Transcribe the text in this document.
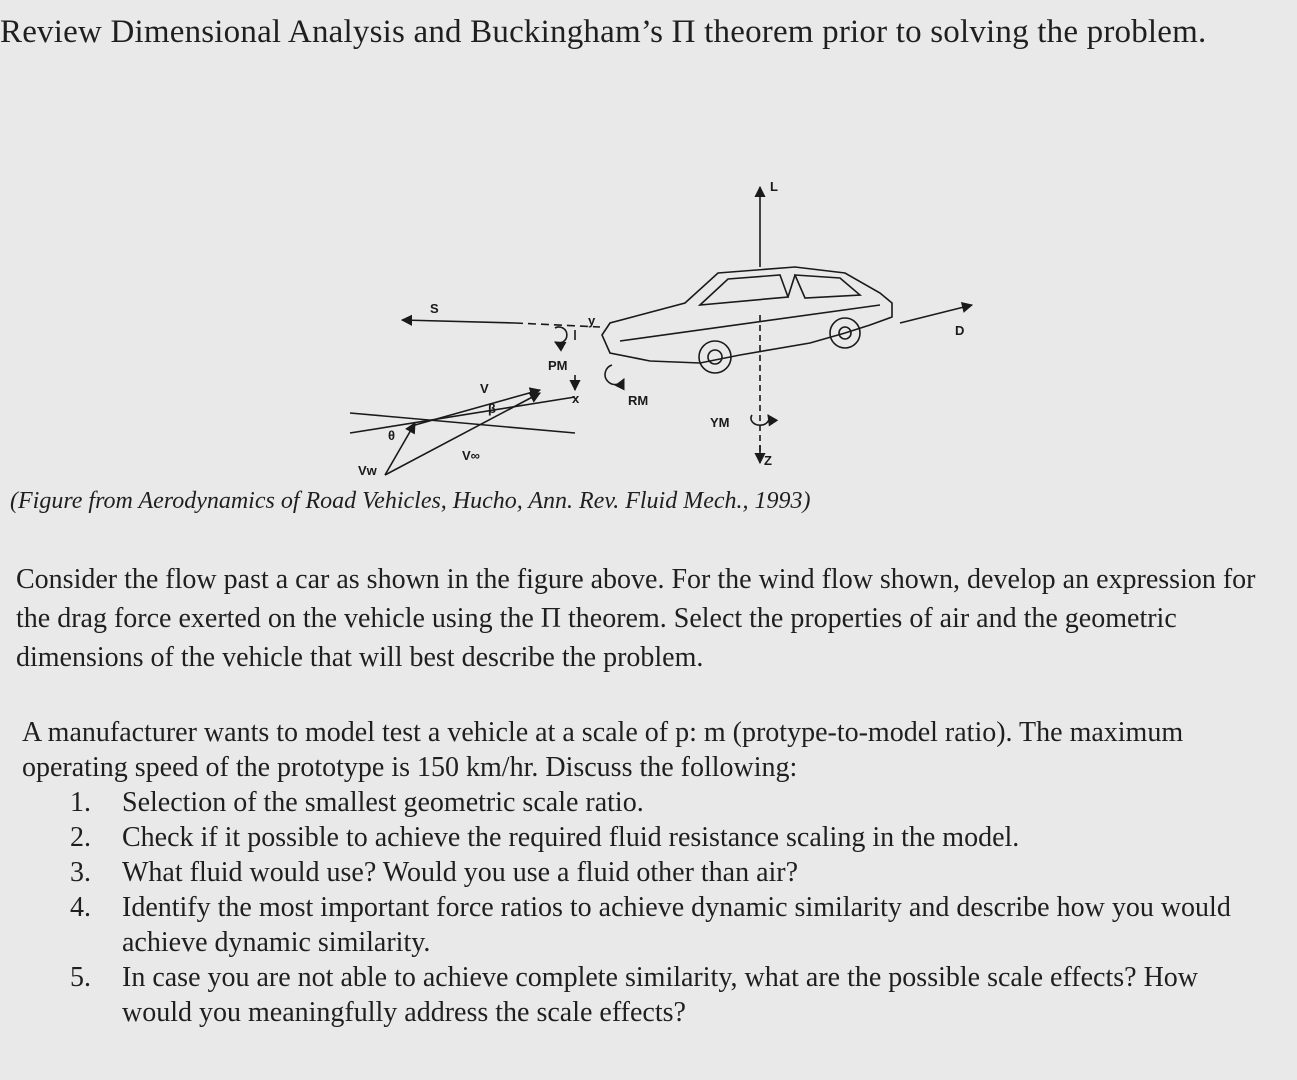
Review Dimensional Analysis and Buckingham’s Π theorem prior to solving the problem.
L
S
y
PM
V
β
x	RM
D
YM
θ
V∞
Vw
Z
(Figure from Aerodynamics of Road Vehicles, Hucho, Ann. Rev. Fluid Mech., 1993)
Consider the flow past a car as shown in the figure above. For the wind flow shown, develop an expression for the drag force exerted on the vehicle using the Π theorem. Select the properties of air and the geometric dimensions of the vehicle that will best describe the problem.
A manufacturer wants to model test a vehicle at a scale of p: m (protype-to-model ratio). The maximum operating speed of the prototype is 150 km/hr. Discuss the following:
1.	Selection of the smallest geometric scale ratio.
2.	Check if it possible to achieve the required fluid resistance scaling in the model.
3.	What fluid would use? Would you use a fluid other than air?
4.	Identify the most important force ratios to achieve dynamic similarity and describe how you would achieve dynamic similarity.
5.	In case you are not able to achieve complete similarity, what are the possible scale effects? How would you meaningfully address the scale effects?
